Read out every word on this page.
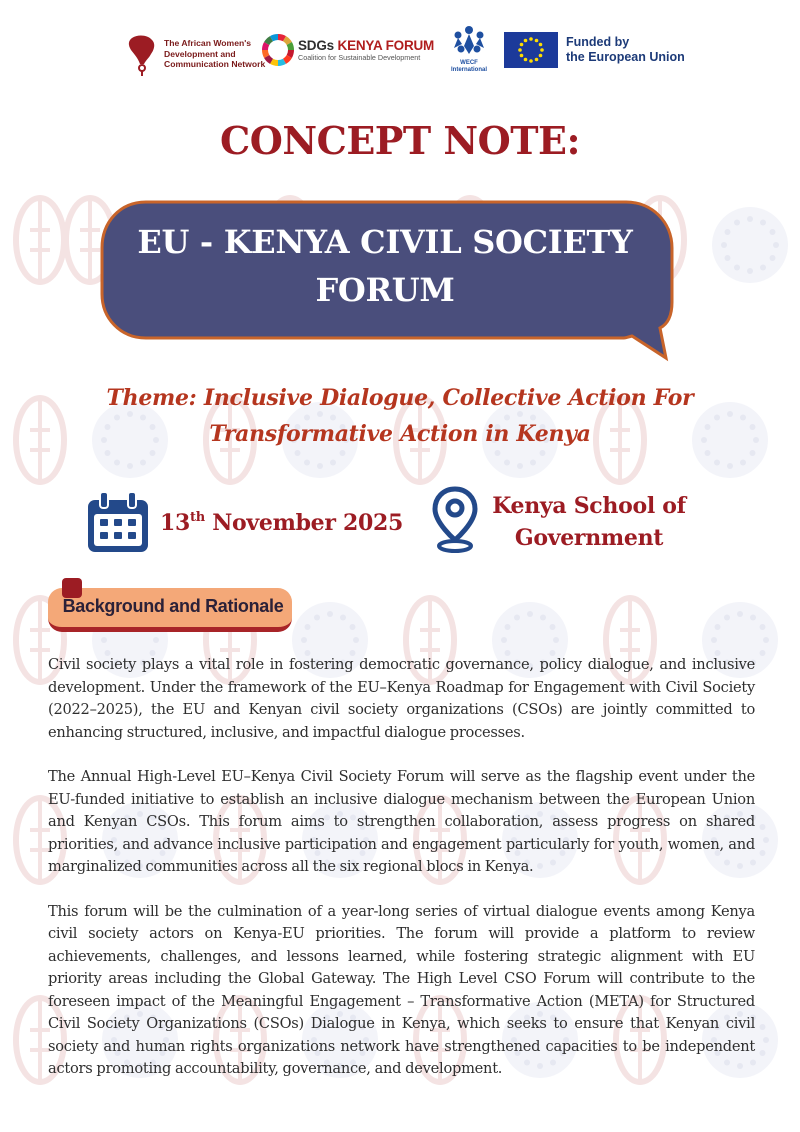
The African Women's Development and Communication Network
SDGs KENYA FORUM
Coalition for Sustainable Development
WECF
International
Funded by
the European Union
CONCEPT NOTE:
EU - KENYA CIVIL SOCIETY
FORUM
Theme: Inclusive Dialogue, Collective Action For
Transformative Action in Kenya
13th November 2025
Kenya School of
Government
Background and Rationale

Civil society plays a vital role in fostering democratic governance, policy dialogue, and inclusive development. Under the framework of the EU–Kenya Roadmap for Engagement with Civil Society (2022–2025), the EU and Kenyan civil society organizations (CSOs) are jointly committed to enhancing structured, inclusive, and impactful dialogue processes.

The Annual High-Level EU–Kenya Civil Society Forum will serve as the flagship event under the EU-funded initiative to establish an inclusive dialogue mechanism between the European Union and Kenyan CSOs. This forum aims to strengthen collaboration, assess progress on shared priorities, and advance inclusive participation and engagement particularly for youth, women, and marginalized communities across all the six regional blocs in Kenya.

This forum will be the culmination of a year-long series of virtual dialogue events among Kenya civil society actors on Kenya-EU priorities. The forum will provide a platform to review achievements, challenges, and lessons learned, while fostering strategic alignment with EU priority areas including the Global Gateway. The High Level CSO Forum will contribute to the foreseen impact of the Meaningful Engagement – Transformative Action (META) for Structured Civil Society Organizations (CSOs) Dialogue in Kenya, which seeks to ensure that Kenyan civil society and human rights organizations network have strengthened capacities to be independent actors promoting accountability, governance, and development.
